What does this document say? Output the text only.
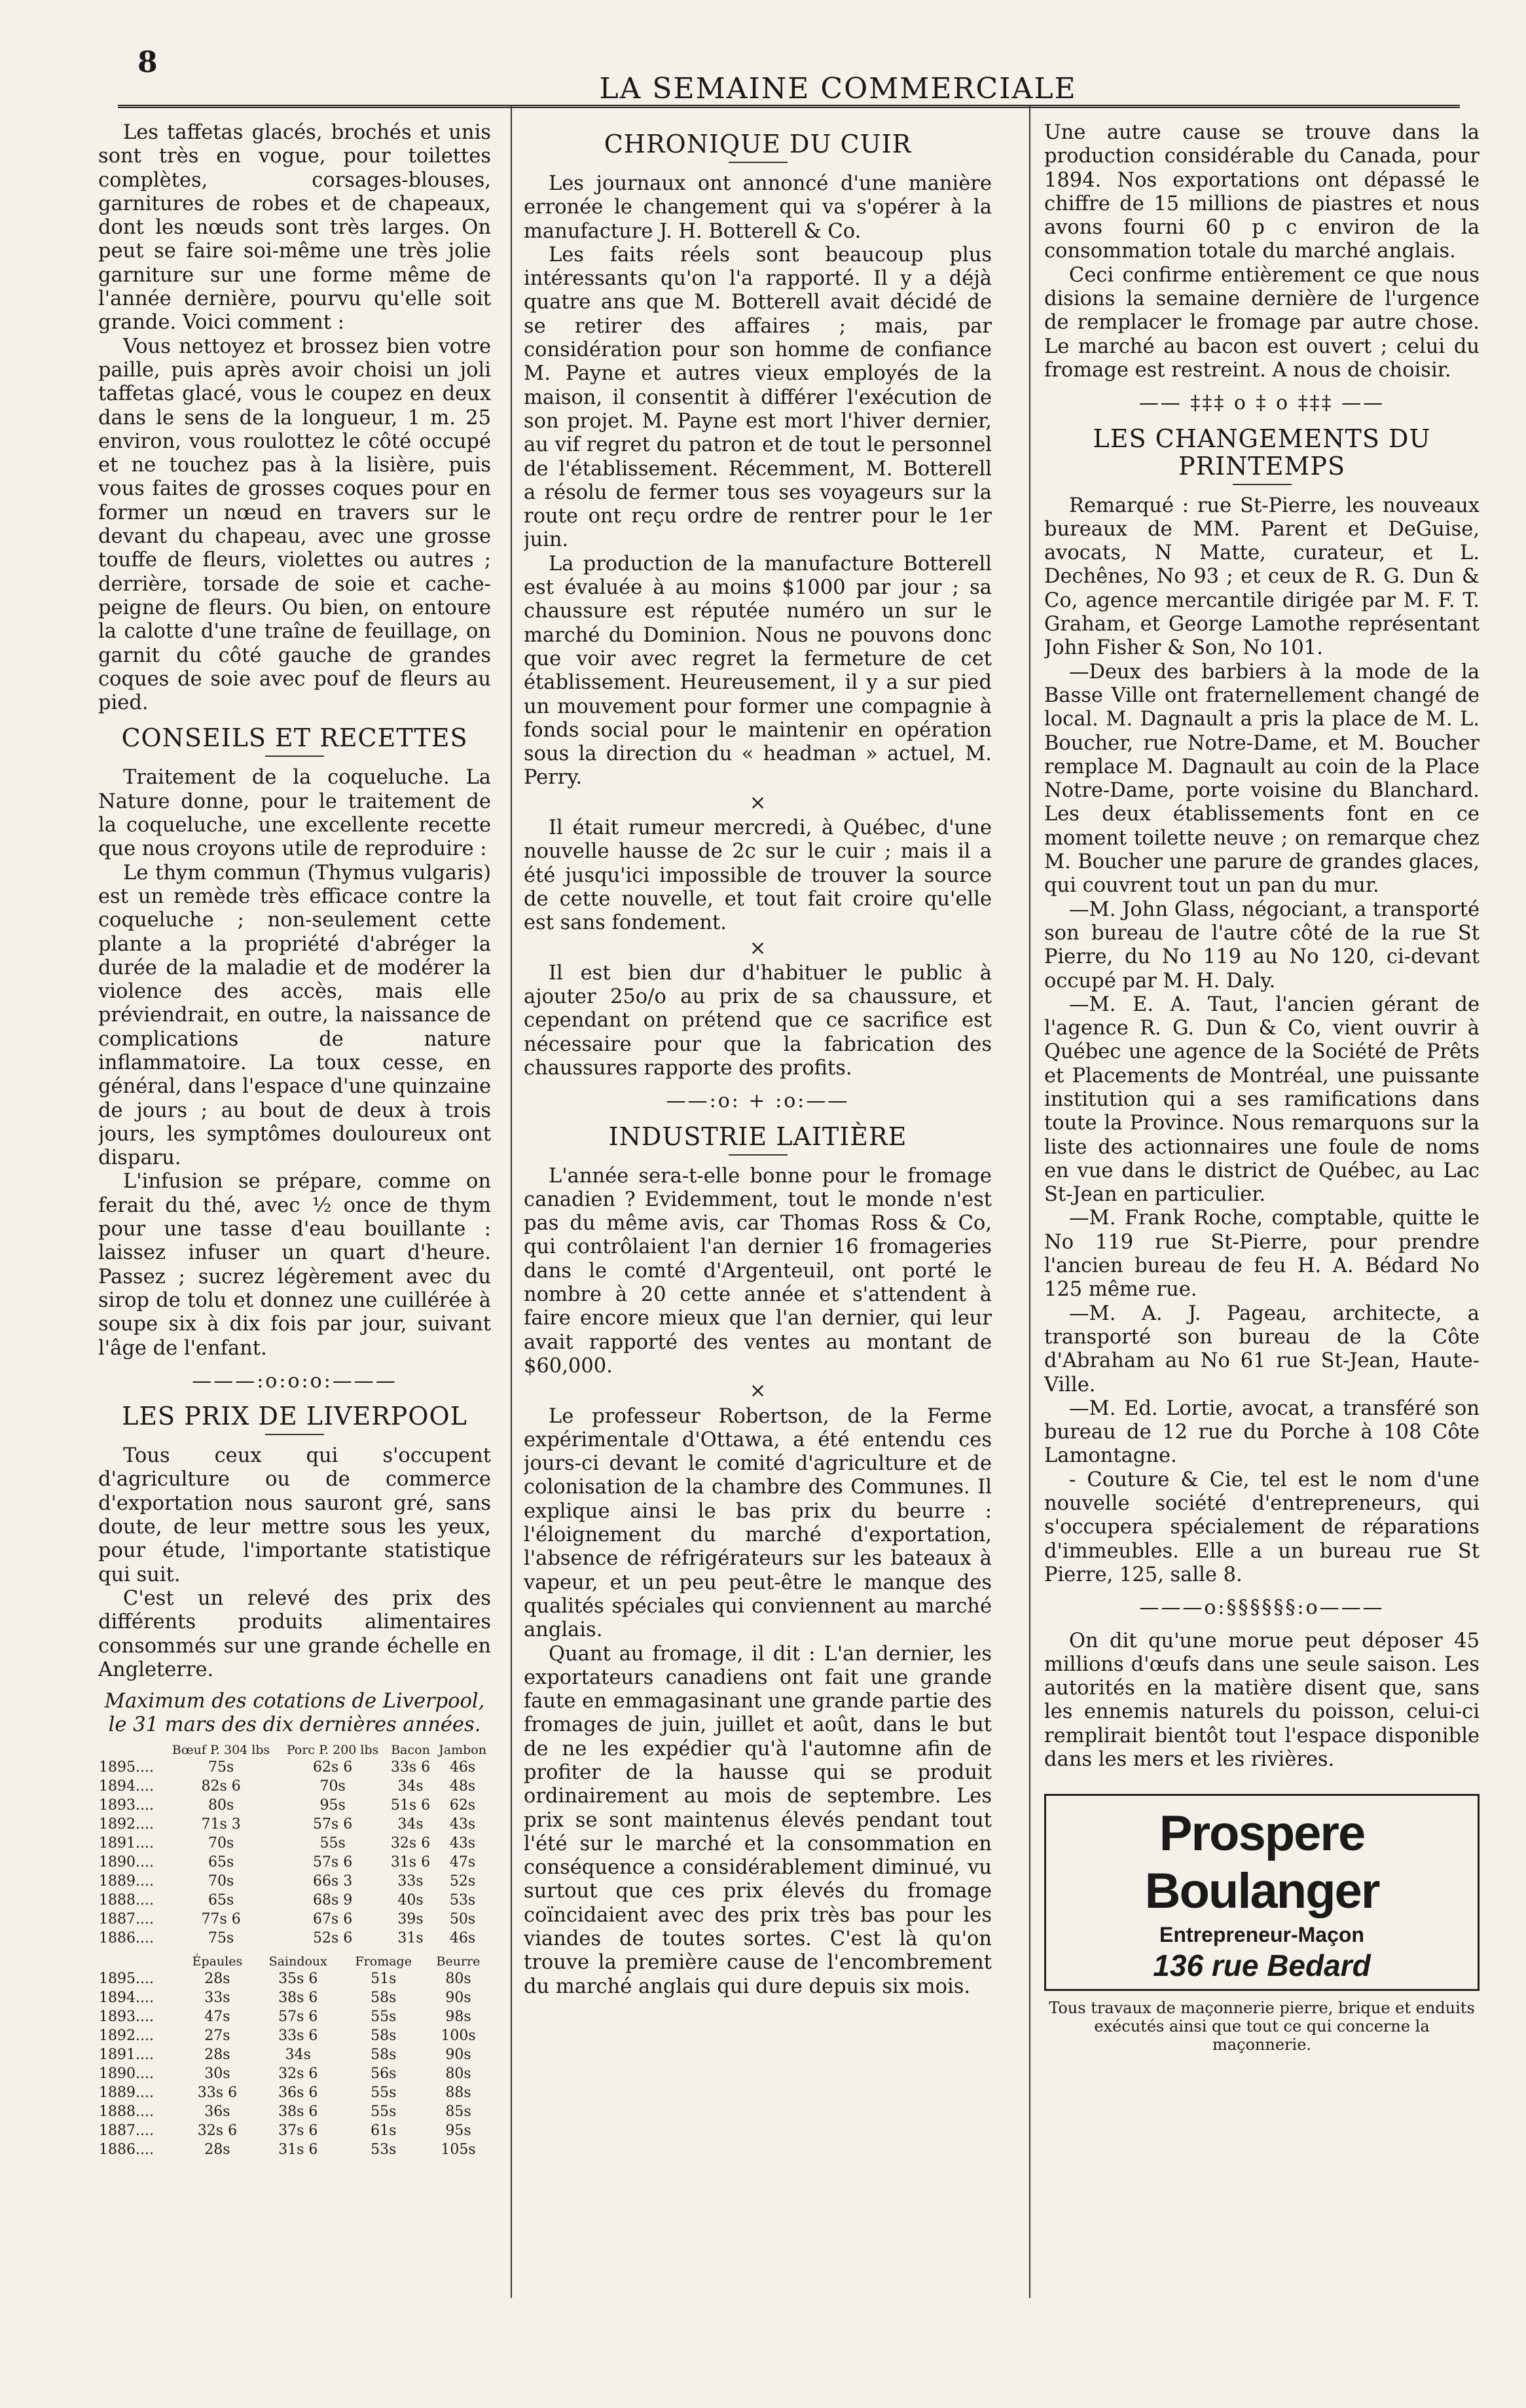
8
LA SEMAINE COMMERCIALE

Les taffetas glacés, brochés et unis sont très en vogue, pour toilettes complètes, corsages-blouses, garnitures de robes et de chapeaux, dont les nœuds sont très larges. On peut se faire soi-même une très jolie garniture sur une forme même de l'année dernière, pourvu qu'elle soit grande. Voici comment :

Vous nettoyez et brossez bien votre paille, puis après avoir choisi un joli taffetas glacé, vous le coupez en deux dans le sens de la longueur, 1 m. 25 environ, vous roulottez le côté occupé et ne touchez pas à la lisière, puis vous faites de grosses coques pour en former un nœud en travers sur le devant du chapeau, avec une grosse touffe de fleurs, violettes ou autres ; derrière, torsade de soie et cache-peigne de fleurs. Ou bien, on entoure la calotte d'une traîne de feuillage, on garnit du côté gauche de grandes coques de soie avec pouf de fleurs au pied.

CONSEILS ET RECETTES

Traitement de la coqueluche. La Nature donne, pour le traitement de la coqueluche, une excellente recette que nous croyons utile de reproduire :

Le thym commun (Thymus vulgaris) est un remède très efficace contre la coqueluche ; non-seulement cette plante a la propriété d'abréger la durée de la maladie et de modérer la violence des accès, mais elle préviendrait, en outre, la naissance de complications de nature inflammatoire. La toux cesse, en général, dans l'espace d'une quinzaine de jours ; au bout de deux à trois jours, les symptômes douloureux ont disparu.

L'infusion se prépare, comme on ferait du thé, avec ½ once de thym pour une tasse d'eau bouillante : laissez infuser un quart d'heure. Passez ; sucrez légèrement avec du sirop de tolu et donnez une cuillérée à soupe six à dix fois par jour, suivant l'âge de l'enfant.

———:o:o:o:———
LES PRIX DE LIVERPOOL

Tous ceux qui s'occupent d'agriculture ou de commerce d'exportation nous sauront gré, sans doute, de leur mettre sous les yeux, pour étude, l'importante statistique qui suit.

C'est un relevé des prix des différents produits alimentaires consommés sur une grande échelle en Angleterre.

Maximum des cotations de Liverpool, le 31 mars des dix dernières années.

	Bœuf P. 304 lbs	Porc P. 200 lbs	Bacon	Jambon
1895....	75s	62s 6	33s 6	46s
1894....	82s 6	70s	34s	48s
1893....	80s	95s	51s 6	62s
1892....	71s 3	57s 6	34s	43s
1891....	70s	55s	32s 6	43s
1890....	65s	57s 6	31s 6	47s
1889....	70s	66s 3	33s	52s
1888....	65s	68s 9	40s	53s
1887....	77s 6	67s 6	39s	50s
1886....	75s	52s 6	31s	46s
	Épaules	Saindoux	Fromage	Beurre
1895....	28s	35s 6	51s	80s
1894....	33s	38s 6	58s	90s
1893....	47s	57s 6	55s	98s
1892....	27s	33s 6	58s	100s
1891....	28s	34s	58s	90s
1890....	30s	32s 6	56s	80s
1889....	33s 6	36s 6	55s	88s
1888....	36s	38s 6	55s	85s
1887....	32s 6	37s 6	61s	95s
1886....	28s	31s 6	53s	105s
CHRONIQUE DU CUIR

Les journaux ont annoncé d'une manière erronée le changement qui va s'opérer à la manufacture J. H. Botterell & Co.

Les faits réels sont beaucoup plus intéressants qu'on l'a rapporté. Il y a déjà quatre ans que M. Botterell avait décidé de se retirer des affaires ; mais, par considération pour son homme de confiance M. Payne et autres vieux employés de la maison, il consentit à différer l'exécution de son projet. M. Payne est mort l'hiver dernier, au vif regret du patron et de tout le personnel de l'établissement. Récemment, M. Botterell a résolu de fermer tous ses voyageurs sur la route ont reçu ordre de rentrer pour le 1er juin.

La production de la manufacture Botterell est évaluée à au moins $1000 par jour ; sa chaussure est réputée numéro un sur le marché du Dominion. Nous ne pouvons donc que voir avec regret la fermeture de cet établissement. Heureusement, il y a sur pied un mouvement pour former une compagnie à fonds social pour le maintenir en opération sous la direction du « headman » actuel, M. Perry.

×

Il était rumeur mercredi, à Québec, d'une nouvelle hausse de 2c sur le cuir ; mais il a été jusqu'ici impossible de trouver la source de cette nouvelle, et tout fait croire qu'elle est sans fondement.

×

Il est bien dur d'habituer le public à ajouter 25o/o au prix de sa chaussure, et cependant on prétend que ce sacrifice est nécessaire pour que la fabrication des chaussures rapporte des profits.

——:o: + :o:——
INDUSTRIE LAITIÈRE

L'année sera-t-elle bonne pour le fromage canadien ? Evidemment, tout le monde n'est pas du même avis, car Thomas Ross & Co, qui contrôlaient l'an dernier 16 fromageries dans le comté d'Argenteuil, ont porté le nombre à 20 cette année et s'attendent à faire encore mieux que l'an dernier, qui leur avait rapporté des ventes au montant de $60,000.

×

Le professeur Robertson, de la Ferme expérimentale d'Ottawa, a été entendu ces jours-ci devant le comité d'agriculture et de colonisation de la chambre des Communes. Il explique ainsi le bas prix du beurre : l'éloignement du marché d'exportation, l'absence de réfrigérateurs sur les bateaux à vapeur, et un peu peut-être le manque des qualités spéciales qui conviennent au marché anglais.

Quant au fromage, il dit : L'an dernier, les exportateurs canadiens ont fait une grande faute en emmagasinant une grande partie des fromages de juin, juillet et août, dans le but de ne les expédier qu'à l'automne afin de profiter de la hausse qui se produit ordinairement au mois de septembre. Les prix se sont maintenus élevés pendant tout l'été sur le marché et la consommation en conséquence a considérablement diminué, vu surtout que ces prix élevés du fromage coïncidaient avec des prix très bas pour les viandes de toutes sortes. C'est là qu'on trouve la première cause de l'encombrement du marché anglais qui dure depuis six mois.

Une autre cause se trouve dans la production considérable du Canada, pour 1894. Nos exportations ont dépassé le chiffre de 15 millions de piastres et nous avons fourni 60 p c environ de la consommation totale du marché anglais.

Ceci confirme entièrement ce que nous disions la semaine dernière de l'urgence de remplacer le fromage par autre chose. Le marché au bacon est ouvert ; celui du fromage est restreint. A nous de choisir.

—— ‡‡‡ o ‡ o ‡‡‡ ——
LES CHANGEMENTS DU PRINTEMPS

Remarqué : rue St-Pierre, les nouveaux bureaux de MM. Parent et DeGuise, avocats, N Matte, curateur, et L. Dechênes, No 93 ; et ceux de R. G. Dun & Co, agence mercantile dirigée par M. F. T. Graham, et George Lamothe représentant John Fisher & Son, No 101.

—Deux des barbiers à la mode de la Basse Ville ont fraternellement changé de local. M. Dagnault a pris la place de M. L. Boucher, rue Notre-Dame, et M. Boucher remplace M. Dagnault au coin de la Place Notre-Dame, porte voisine du Blanchard. Les deux établissements font en ce moment toilette neuve ; on remarque chez M. Boucher une parure de grandes glaces, qui couvrent tout un pan du mur.

—M. John Glass, négociant, a transporté son bureau de l'autre côté de la rue St Pierre, du No 119 au No 120, ci-devant occupé par M. H. Daly.

—M. E. A. Taut, l'ancien gérant de l'agence R. G. Dun & Co, vient ouvrir à Québec une agence de la Société de Prêts et Placements de Montréal, une puissante institution qui a ses ramifications dans toute la Province. Nous remarquons sur la liste des actionnaires une foule de noms en vue dans le district de Québec, au Lac St-Jean en particulier.

—M. Frank Roche, comptable, quitte le No 119 rue St-Pierre, pour prendre l'ancien bureau de feu H. A. Bédard No 125 même rue.

—M. A. J. Pageau, architecte, a transporté son bureau de la Côte d'Abraham au No 61 rue St-Jean, Haute-Ville.

—M. Ed. Lortie, avocat, a transféré son bureau de 12 rue du Porche à 108 Côte Lamontagne.

- Couture & Cie, tel est le nom d'une nouvelle société d'entrepreneurs, qui s'occupera spécialement de réparations d'immeubles. Elle a un bureau rue St Pierre, 125, salle 8.

———o:§§§§§§:o———

On dit qu'une morue peut déposer 45 millions d'œufs dans une seule saison. Les autorités en la matière disent que, sans les ennemis naturels du poisson, celui-ci remplirait bientôt tout l'espace disponible dans les mers et les rivières.

Prospere Boulanger
Entrepreneur-Maçon
136 rue Bedard

Tous travaux de maçonnerie pierre, brique et enduits exécutés ainsi que tout ce qui concerne la maçonnerie.
